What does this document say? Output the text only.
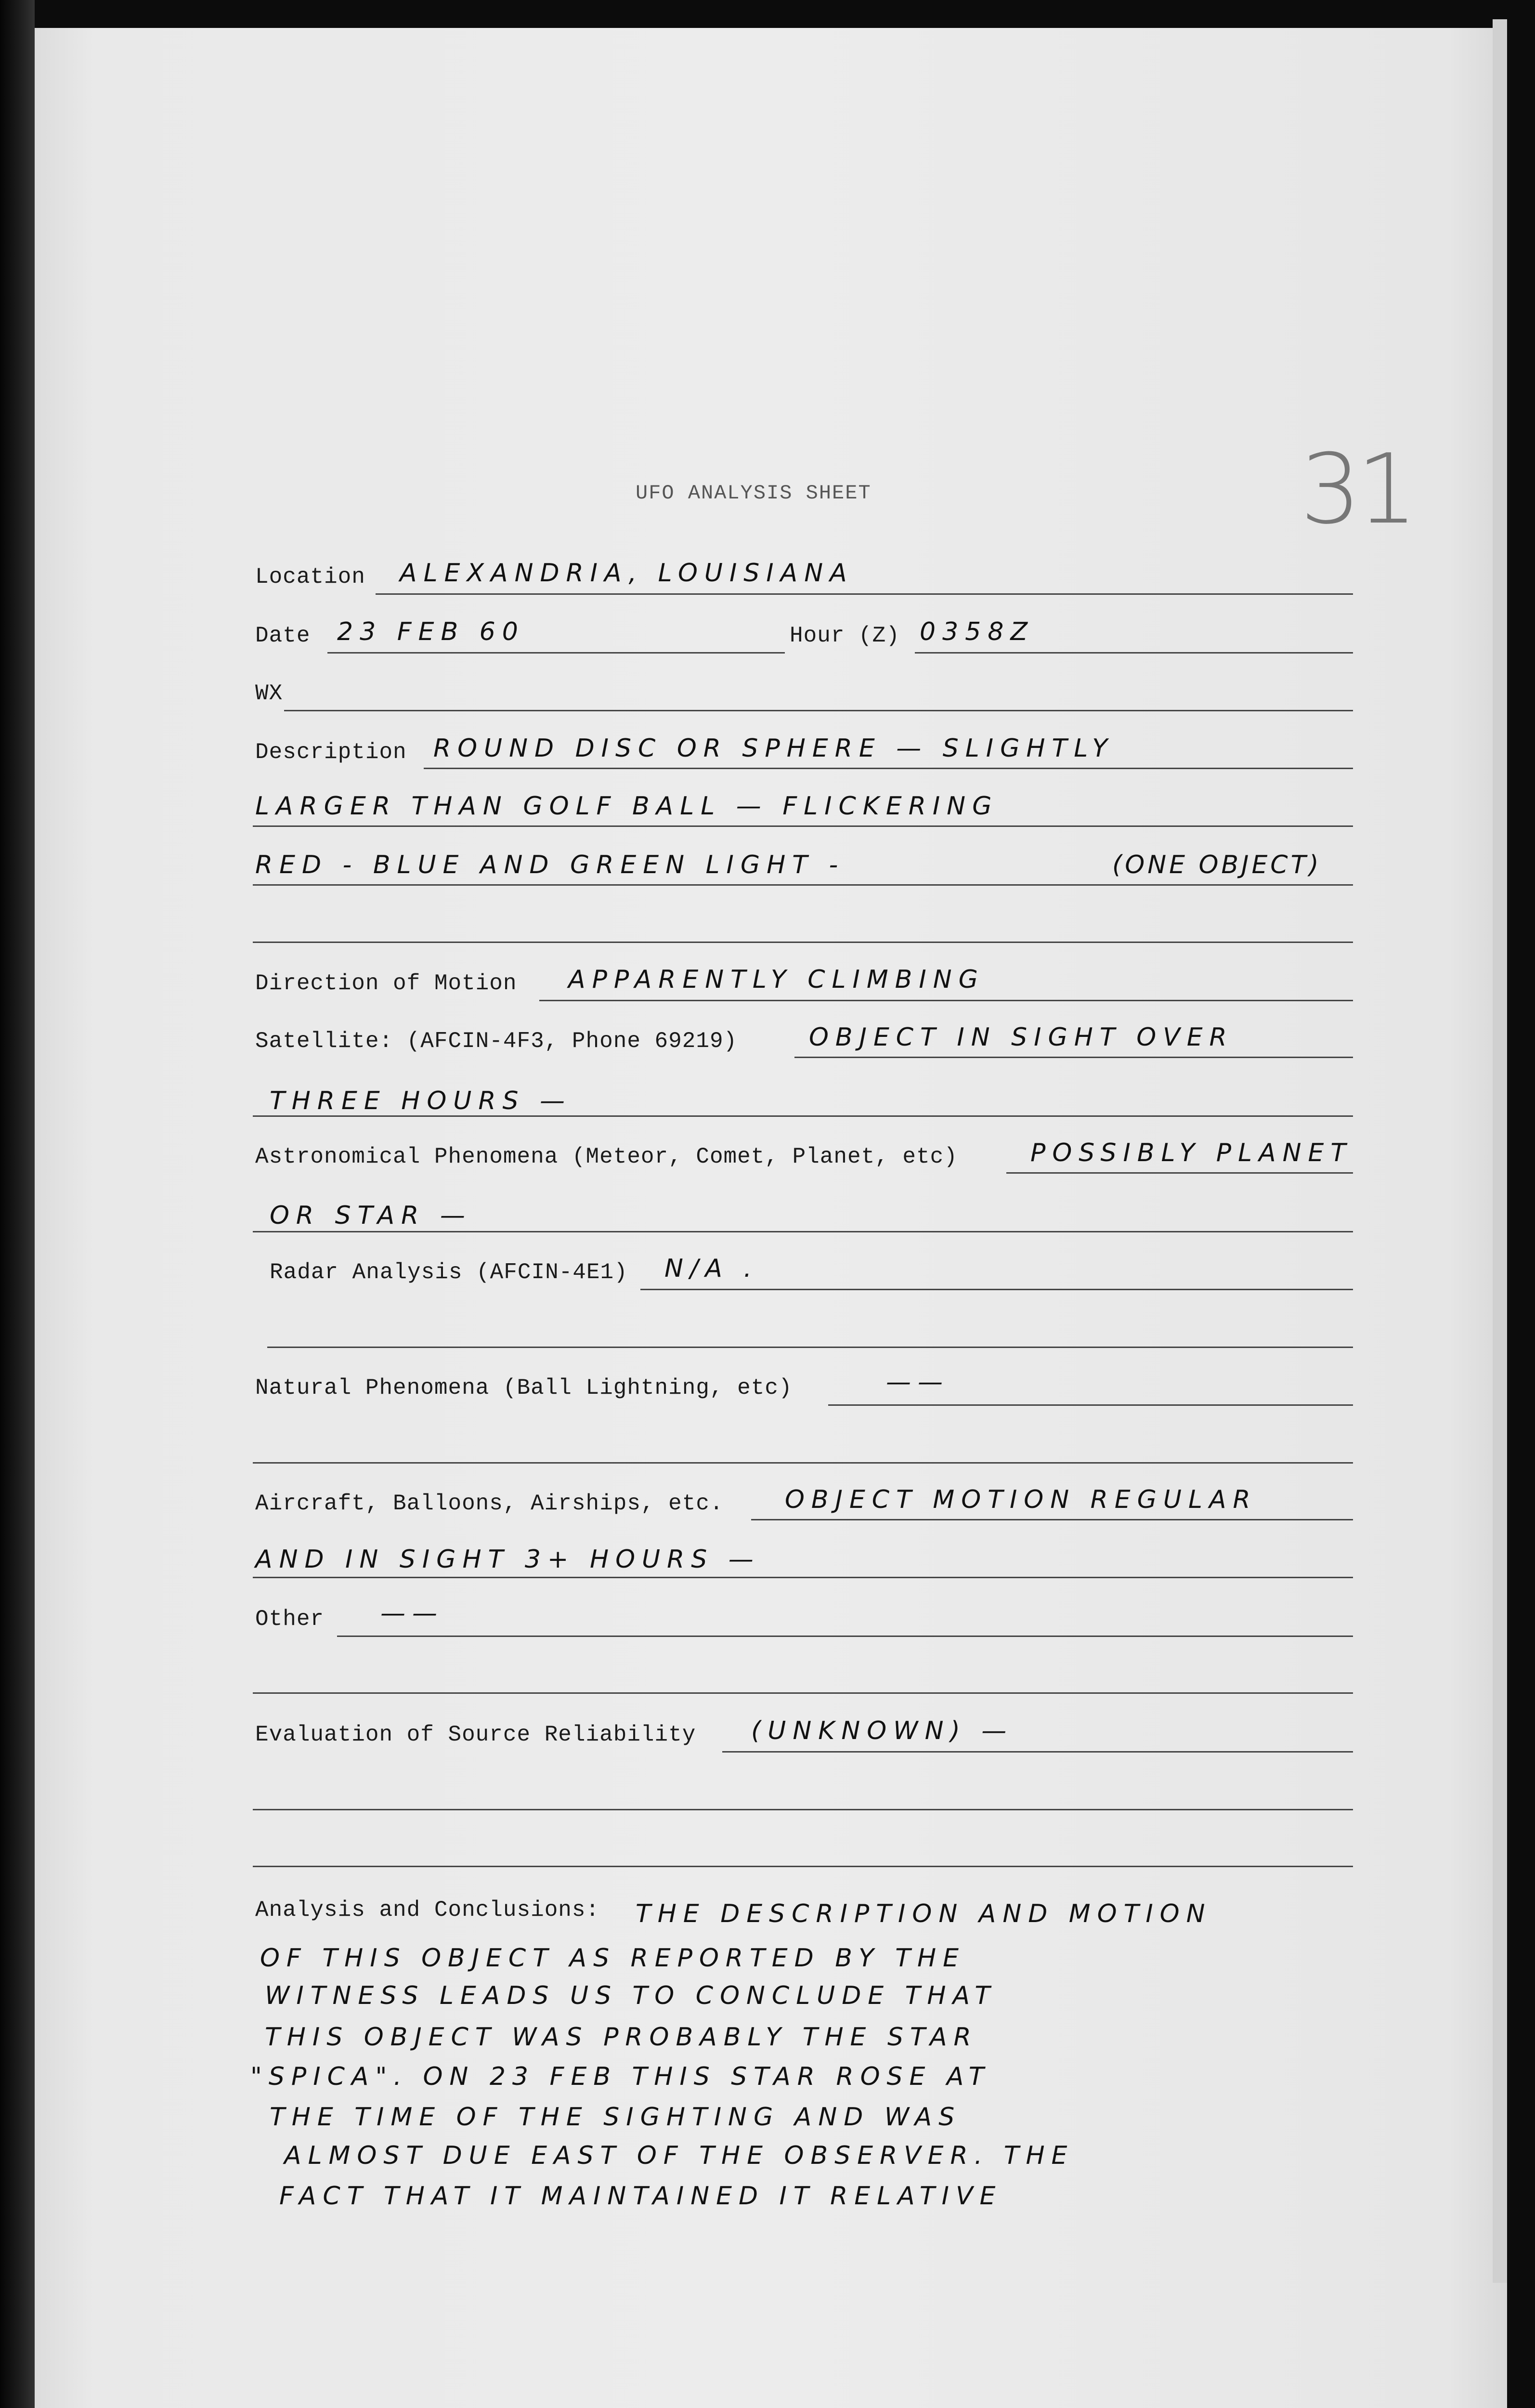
31
UFO ANALYSIS SHEET
Location ALEXANDRIA, LOUISIANA
Date 23 FEB 60	Hour (Z) 0358Z
WX
Description ROUND DISC OR SPHERE — SLIGHTLY
LARGER THAN GOLF BALL — FLICKERING
RED - BLUE AND GREEN LIGHT -	(ONE OBJECT)
Direction of Motion APPARENTLY CLIMBING
Satellite: (AFCIN-4F3, Phone 69219)	OBJECT IN SIGHT OVER
THREE HOURS —
Astronomical Phenomena (Meteor, Comet, Planet, etc)	POSSIBLY PLANET
OR STAR —
Radar Analysis (AFCIN-4E1) N/A .
Natural Phenomena (Ball Lightning, etc)	——
Aircraft, Balloons, Airships, etc. OBJECT MOTION REGULAR
AND IN SIGHT 3+ HOURS —
Other ——
Evaluation of Source Reliability (UNKNOWN) —
Analysis and Conclusions: THE DESCRIPTION AND MOTION
OF THIS OBJECT AS REPORTED BY THE
WITNESS LEADS US TO CONCLUDE THAT
THIS OBJECT WAS PROBABLY THE STAR
"SPICA". ON 23 FEB THIS STAR ROSE AT
THE TIME OF THE SIGHTING AND WAS
ALMOST DUE EAST OF THE OBSERVER. THE
FACT THAT IT MAINTAINED IT RELATIVE
